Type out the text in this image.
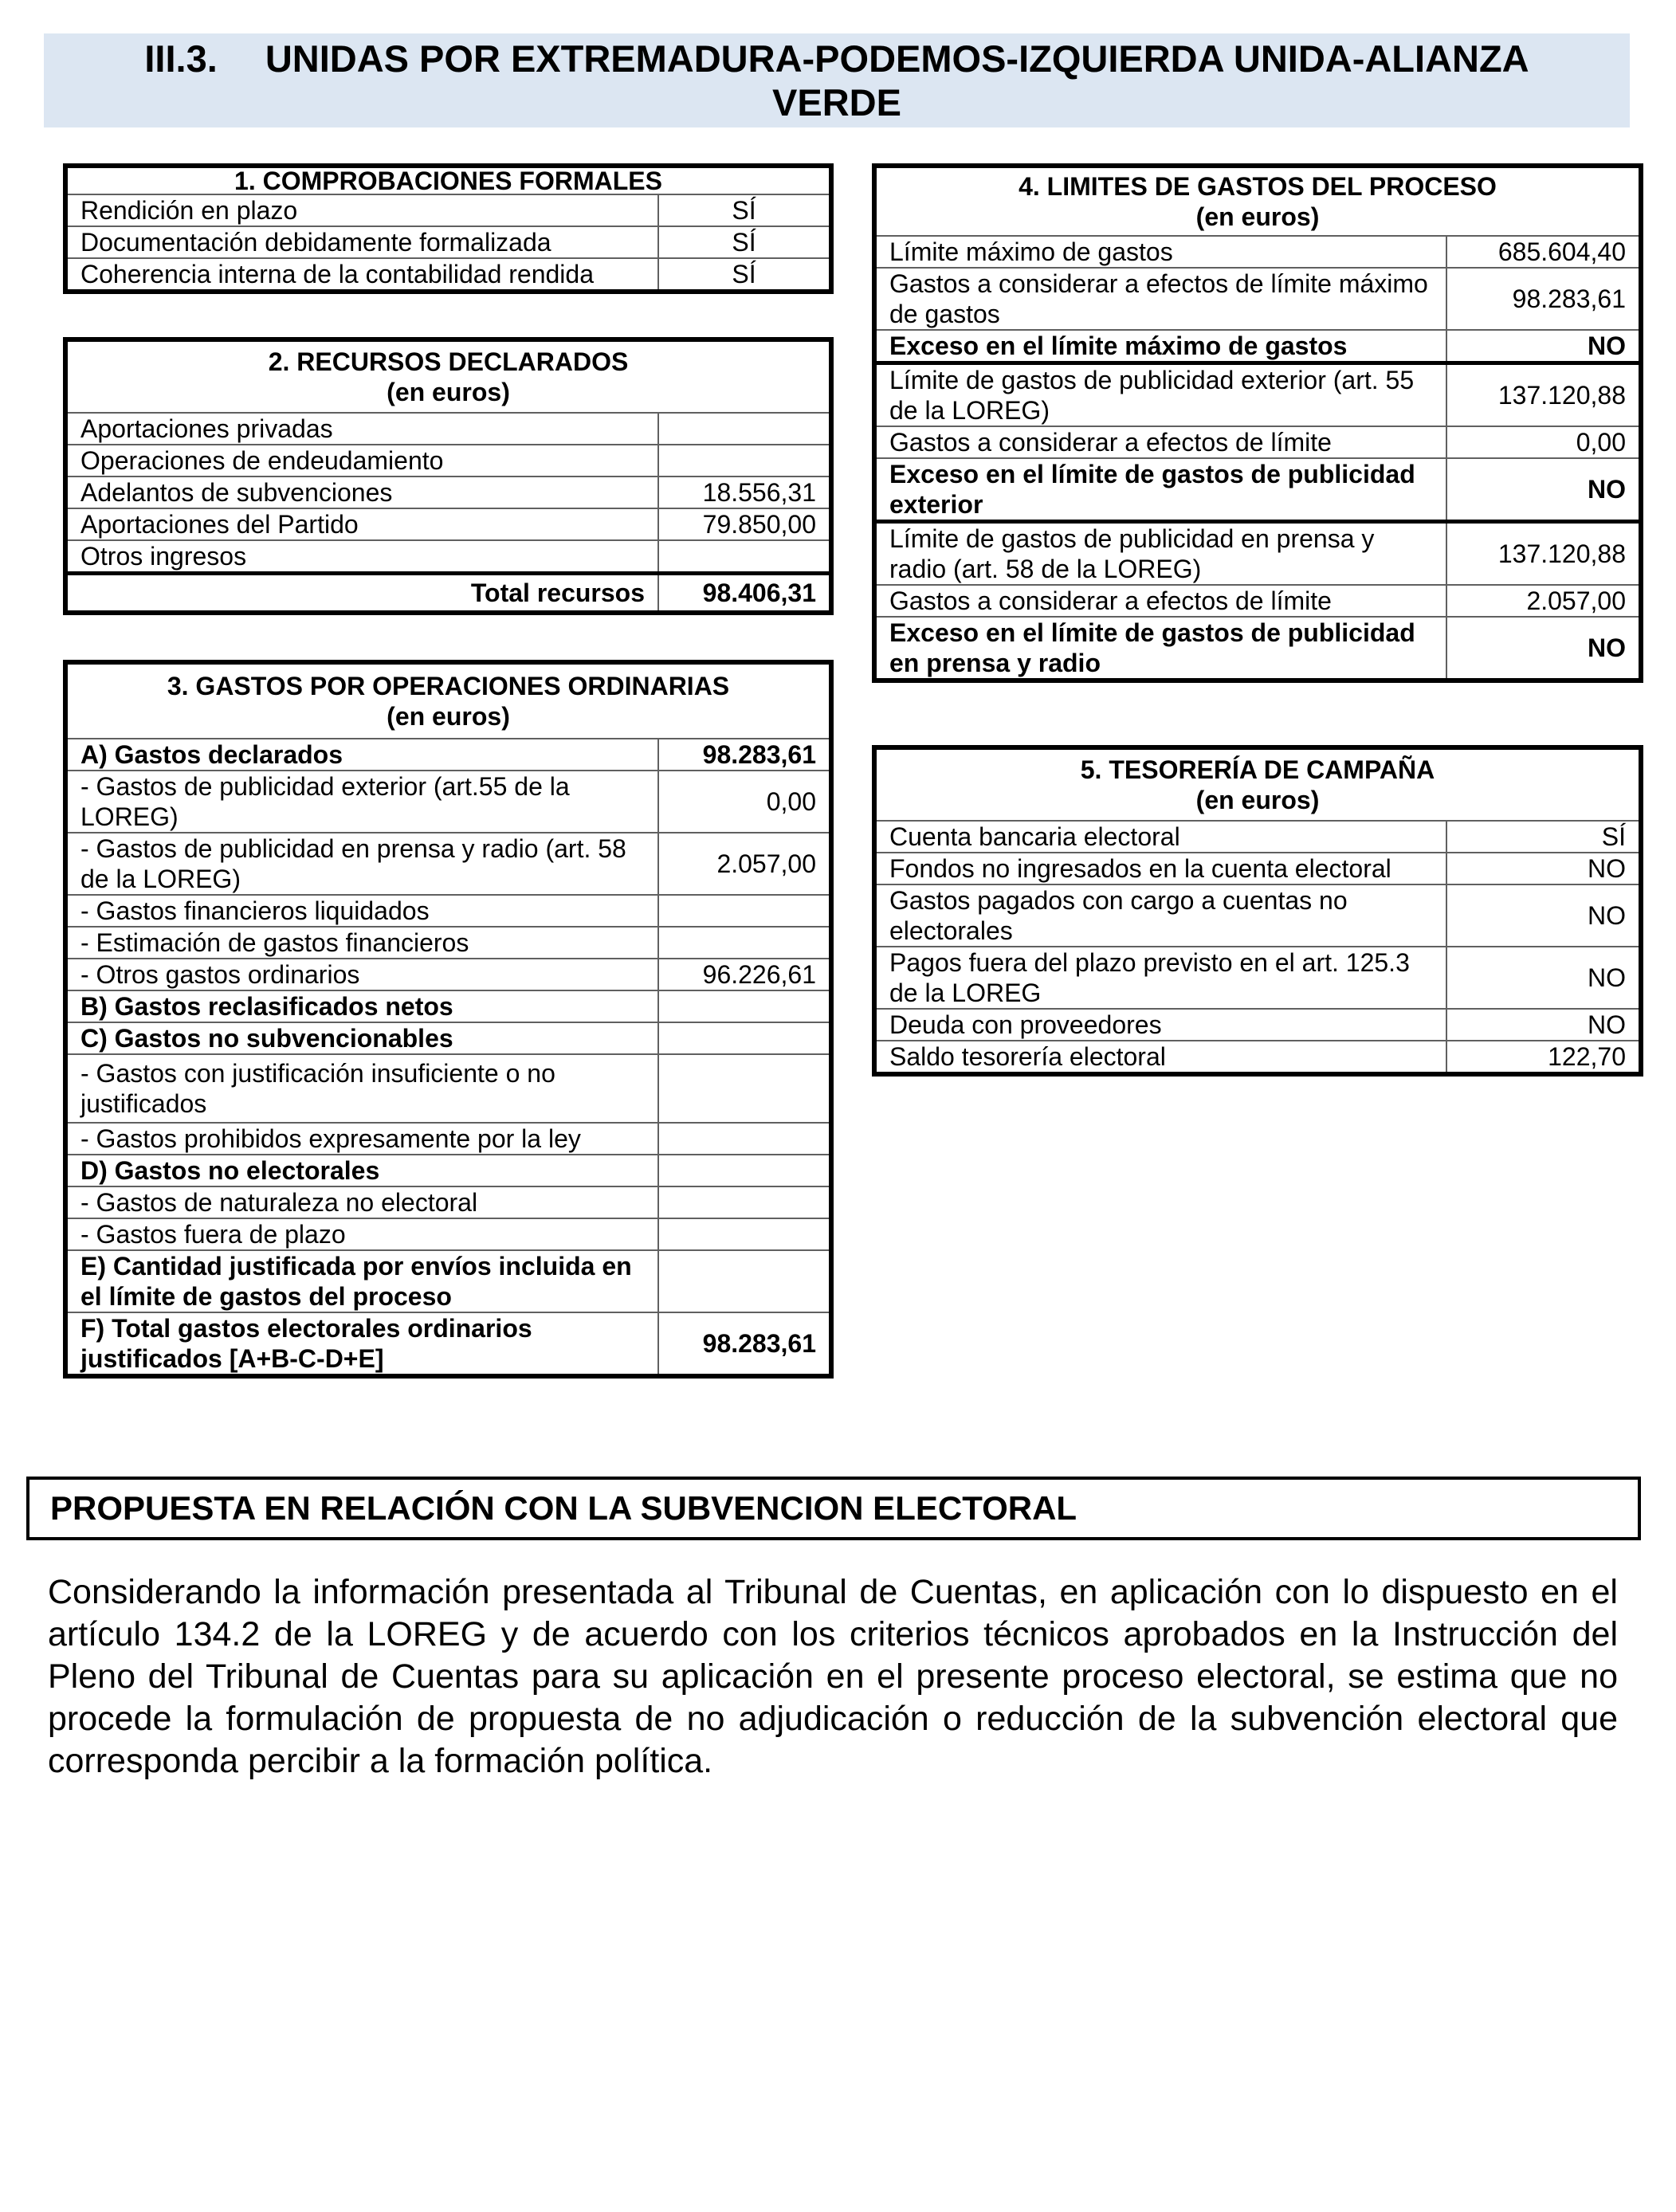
III.3. UNIDAS POR EXTREMADURA-PODEMOS-IZQUIERDA UNIDA-ALIANZA VERDE
1. COMPROBACIONES FORMALES	
Rendición en plazo	SÍ
Documentación debidamente formalizada	SÍ
Coherencia interna de la contabilidad rendida	SÍ
2. RECURSOS DECLARADOS
(en euros)	

Aportaciones privadas	
Operaciones de endeudamiento	
Adelantos de subvenciones	18.556,31
Aportaciones del Partido	79.850,00
Otros ingresos	
Total recursos	98.406,31
3. GASTOS POR OPERACIONES ORDINARIAS
(en euros)	

A) Gastos declarados	98.283,61
- Gastos de publicidad exterior (art.55 de la LOREG)	0,00
- Gastos de publicidad en prensa y radio (art. 58 de la LOREG)	2.057,00
- Gastos financieros liquidados	
- Estimación de gastos financieros	
- Otros gastos ordinarios	96.226,61
B) Gastos reclasificados netos	
C) Gastos no subvencionables	
- Gastos con justificación insuficiente o no justificados	
- Gastos prohibidos expresamente por la ley	
D) Gastos no electorales	
- Gastos de naturaleza no electoral	
- Gastos fuera de plazo	
E) Cantidad justificada por envíos incluida en el límite de gastos del proceso	
F) Total gastos electorales ordinarios justificados [A+B-C-D+E]	98.283,61
4. LIMITES DE GASTOS DEL PROCESO
(en euros)	

Límite máximo de gastos	685.604,40
Gastos a considerar a efectos de límite máximo de gastos	98.283,61
Exceso en el límite máximo de gastos	NO
Límite de gastos de publicidad exterior (art. 55 de la LOREG)	137.120,88
Gastos a considerar a efectos de límite	0,00
Exceso en el límite de gastos de publicidad exterior	NO
Límite de gastos de publicidad en prensa y radio (art. 58 de la LOREG)	137.120,88
Gastos a considerar a efectos de límite	2.057,00
Exceso en el límite de gastos de publicidad en prensa y radio	NO
5. TESORERÍA DE CAMPAÑA
(en euros)	

Cuenta bancaria electoral	SÍ
Fondos no ingresados en la cuenta electoral	NO
Gastos pagados con cargo a cuentas no electorales	NO
Pagos fuera del plazo previsto en el art. 125.3 de la LOREG	NO
Deuda con proveedores	NO
Saldo tesorería electoral	122,70
PROPUESTA EN RELACIÓN CON LA SUBVENCION ELECTORAL
Considerando la información presentada al Tribunal de Cuentas, en aplicación con lo dispuesto en el artículo 134.2 de la LOREG y de acuerdo con los criterios técnicos aprobados en la Instrucción del Pleno del Tribunal de Cuentas para su aplicación en el presente proceso electoral, se estima que no procede la formulación de propuesta de no adjudicación o reducción de la subvención electoral que corresponda percibir a la formación política.
